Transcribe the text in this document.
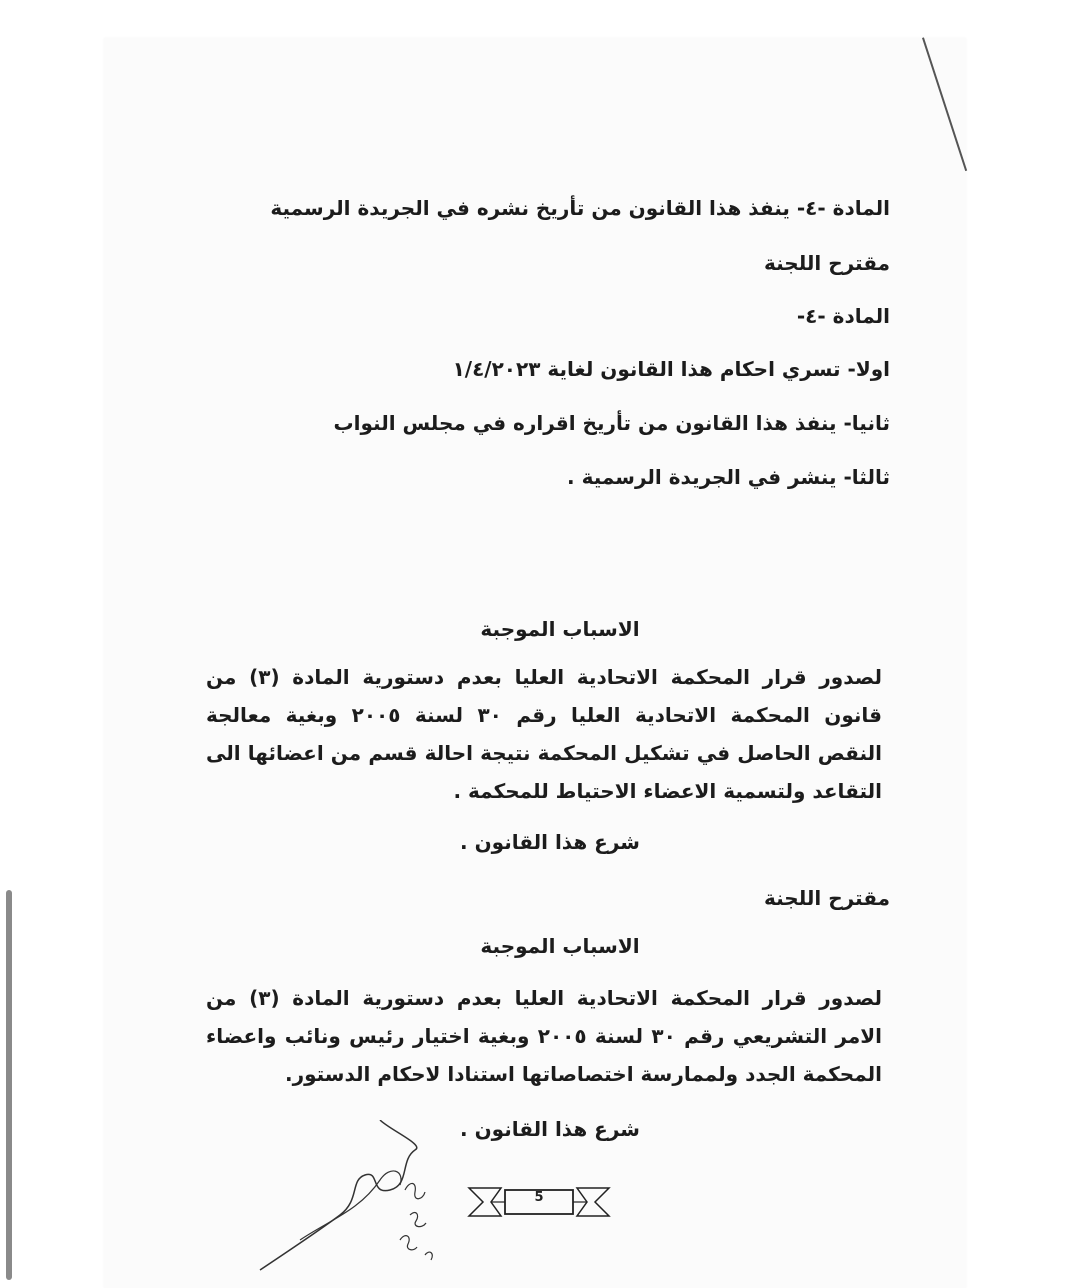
المادة -٤- ينفذ هذا القانون من تأريخ نشره في الجريدة الرسمية
مقترح اللجنة
المادة -٤-
اولا- تسري احكام هذا القانون لغاية ١/٤/٢٠٢٣
ثانيا- ينفذ هذا القانون من تأريخ اقراره في مجلس النواب
ثالثا- ينشر في الجريدة الرسمية .
الاسباب الموجبة
لصدور قرار المحكمة الاتحادية العليا بعدم دستورية المادة (٣) من قانون المحكمة الاتحادية العليا رقم ٣٠ لسنة ٢٠٠٥ وبغية معالجة النقص الحاصل في تشكيل المحكمة نتيجة احالة قسم من اعضائها الى التقاعد ولتسمية الاعضاء الاحتياط للمحكمة .
شرع هذا القانون .
مقترح اللجنة
الاسباب الموجبة
لصدور قرار المحكمة الاتحادية العليا بعدم دستورية المادة (٣) من الامر التشريعي رقم ٣٠ لسنة ٢٠٠٥ وبغية اختيار رئيس ونائب واعضاء المحكمة الجدد ولممارسة اختصاصاتها استنادا لاحكام الدستور.
شرع هذا القانون .
5
